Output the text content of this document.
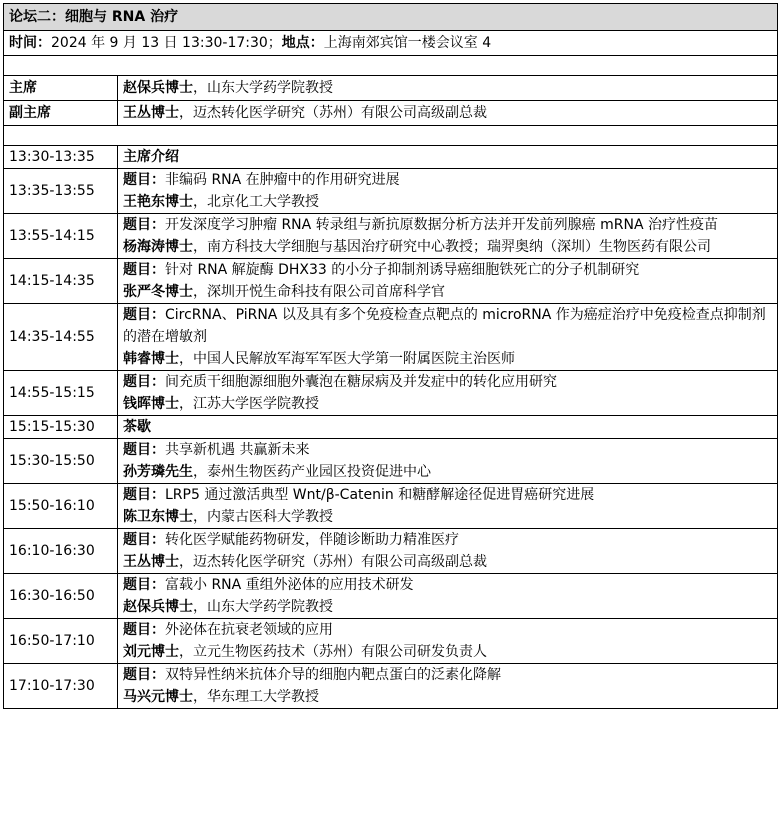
论坛二：细胞与 RNA 治疗	
时间：2024 年 9 月 13 日 13:30-17:30；地点：上海南郊宾馆一楼会议室 4	

主席	赵保兵博士，山东大学药学院教授
副主席	王丛博士，迈杰转化医学研究（苏州）有限公司高级副总裁

13:30-13:35	主席介绍

13:35-13:55	题目：非编码 RNA 在肿瘤中的作用研究进展
王艳东博士，北京化工大学教授

13:55-14:15	题目：开发深度学习肿瘤 RNA 转录组与新抗原数据分析方法并开发前列腺癌 mRNA 治疗性疫苗
杨海涛博士，南方科技大学细胞与基因治疗研究中心教授；瑞羿奥纳（深圳）生物医药有限公司

14:15-14:35	题目：针对 RNA 解旋酶 DHX33 的小分子抑制剂诱导癌细胞铁死亡的分子机制研究
张严冬博士，深圳开悦生命科技有限公司首席科学官

14:35-14:55	题目：CircRNA、PiRNA 以及具有多个免疫检查点靶点的 microRNA 作为癌症治疗中免疫检查点抑制剂的潜在增敏剂
韩睿博士，中国人民解放军海军军医大学第一附属医院主治医师

14:55-15:15	题目：间充质干细胞源细胞外囊泡在糖尿病及并发症中的转化应用研究
钱晖博士，江苏大学医学院教授

15:15-15:30	茶歇

15:30-15:50	题目：共享新机遇 共赢新未来
孙芳璘先生，泰州生物医药产业园区投资促进中心

15:50-16:10	题目：LRP5 通过激活典型 Wnt/β-Catenin 和糖酵解途径促进胃癌研究进展
陈卫东博士，内蒙古医科大学教授

16:10-16:30	题目：转化医学赋能药物研发，伴随诊断助力精准医疗
王丛博士，迈杰转化医学研究（苏州）有限公司高级副总裁

16:30-16:50	题目：富载小 RNA 重组外泌体的应用技术研发
赵保兵博士，山东大学药学院教授

16:50-17:10	题目：外泌体在抗衰老领域的应用
刘元博士，立元生物医药技术（苏州）有限公司研发负责人

17:10-17:30	题目：双特异性纳米抗体介导的细胞内靶点蛋白的泛素化降解
马兴元博士，华东理工大学教授
